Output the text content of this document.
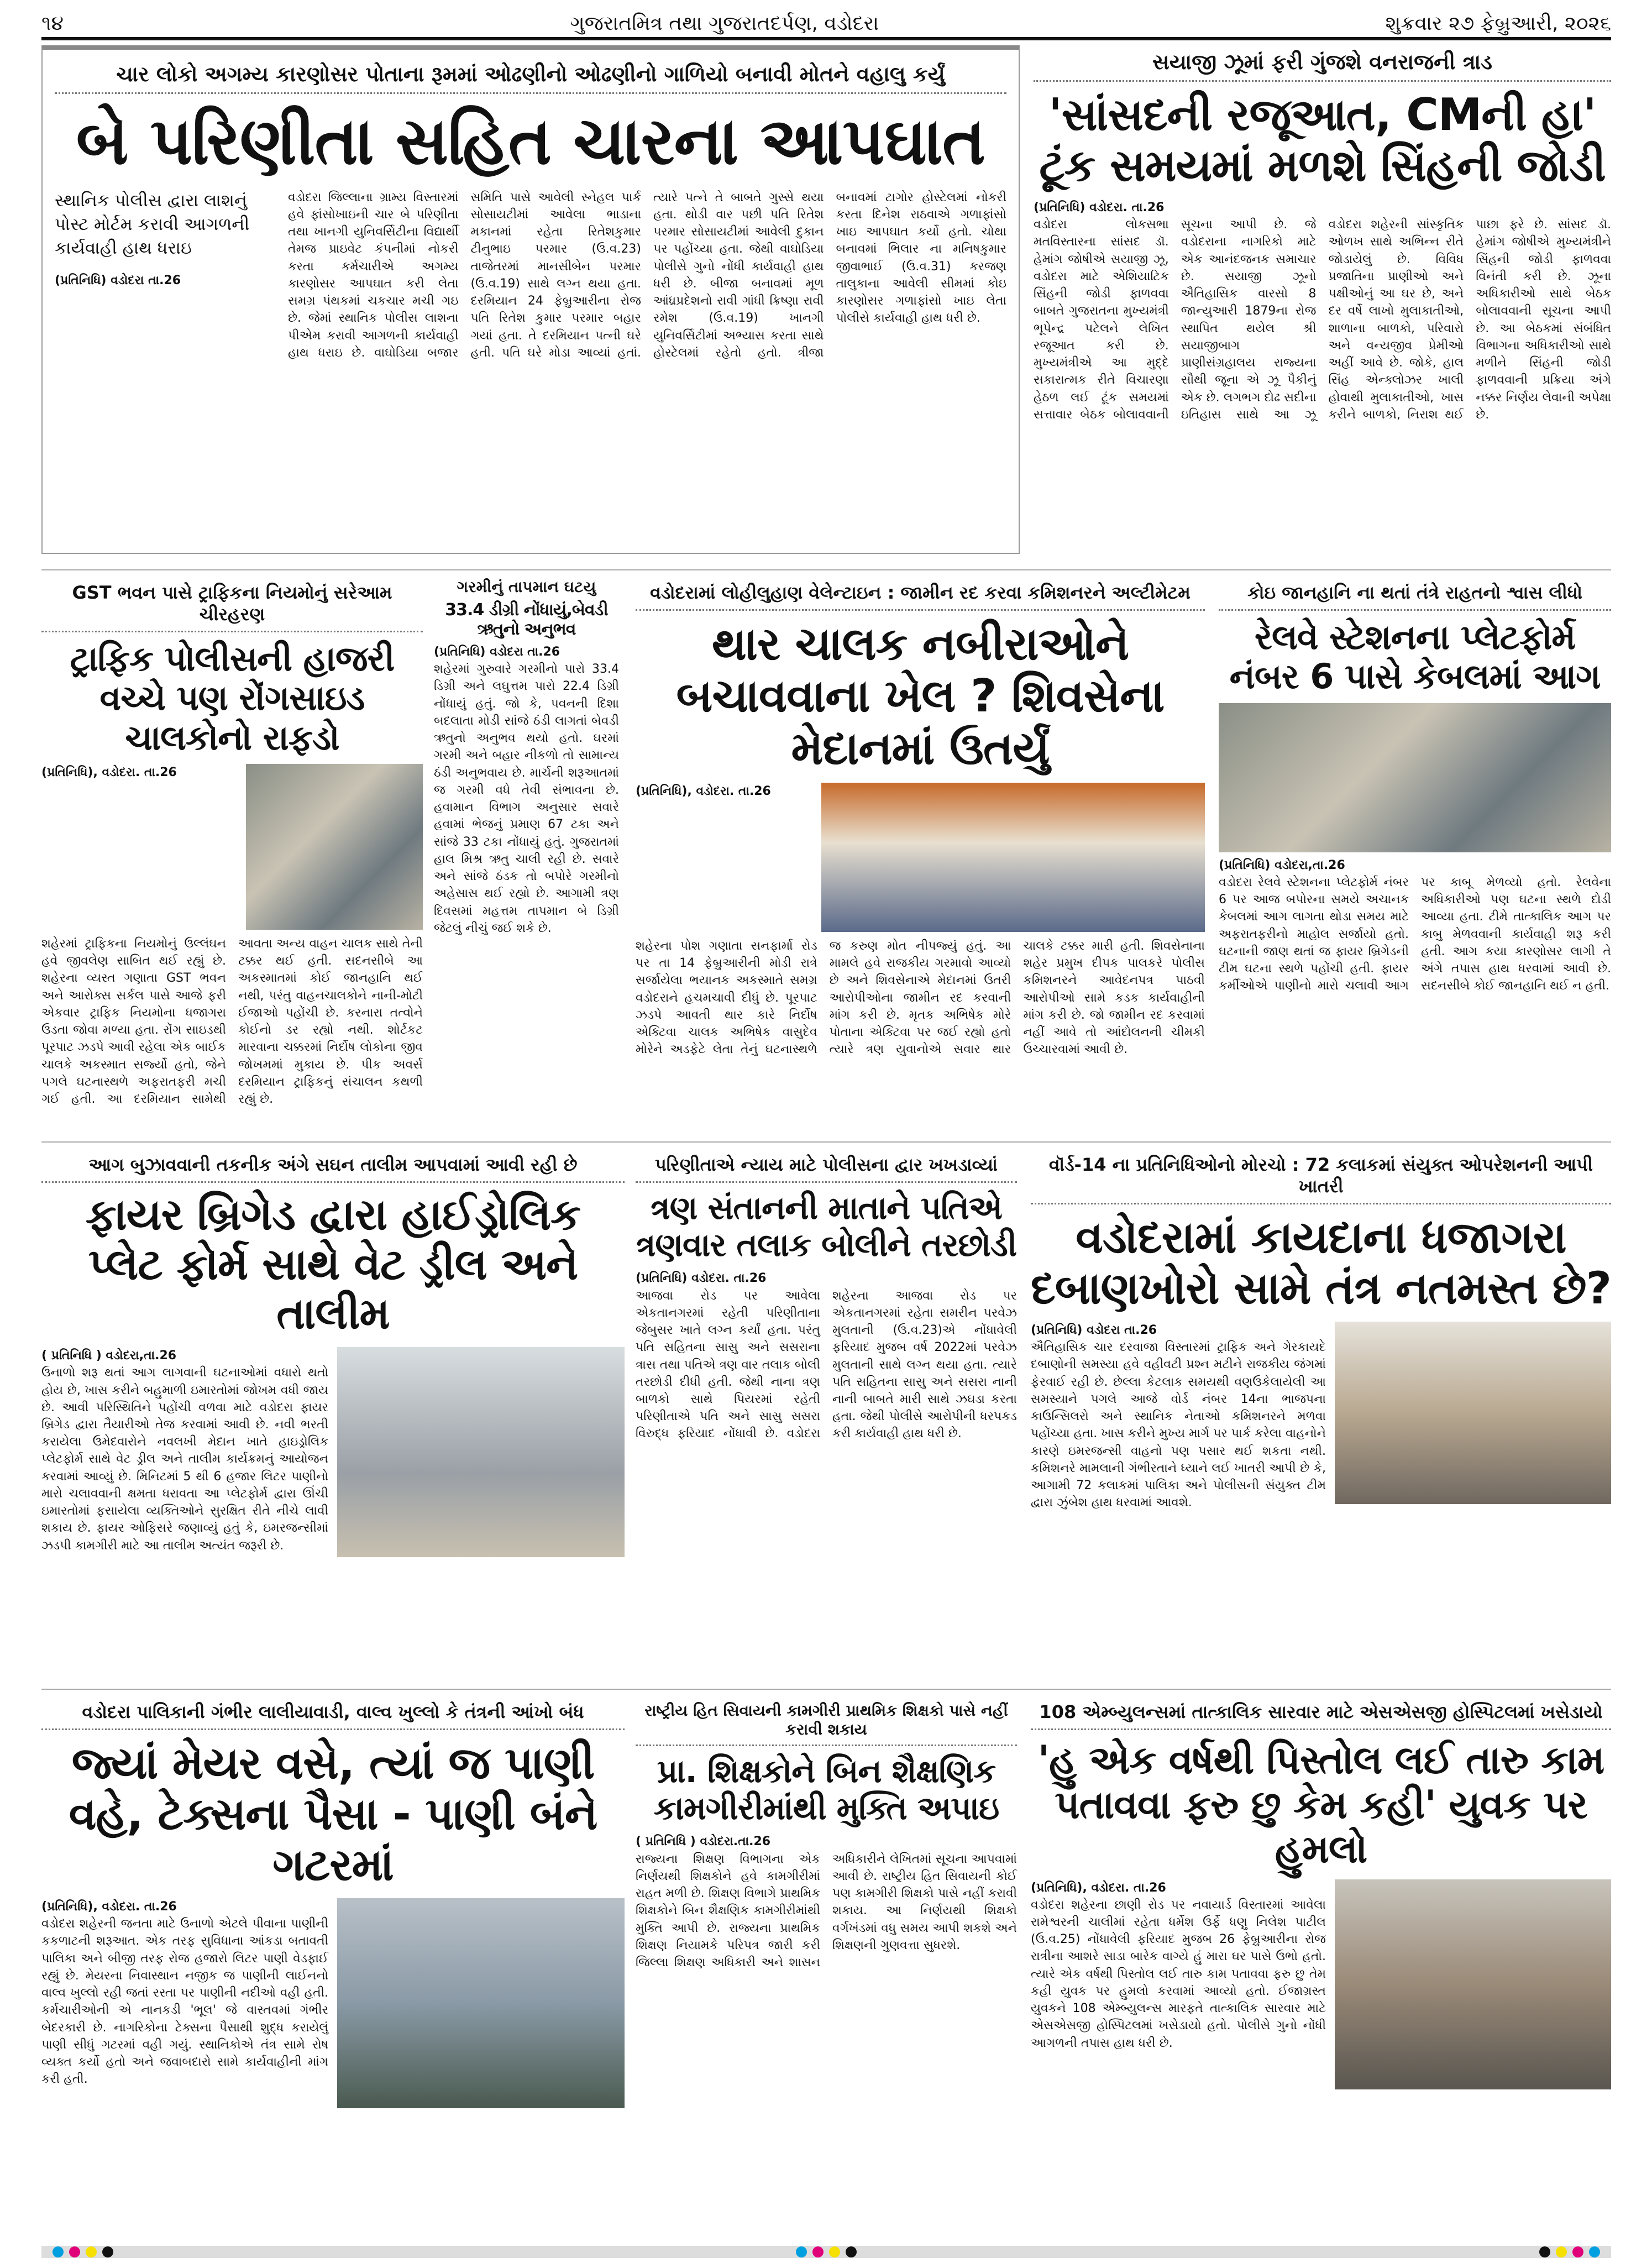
૧૪	ગુજરાતમિત્ર તથા ગુજરાતદર્પણ, વડોદરા	શુક્રવાર ૨૭ ફેબ્રુઆરી, ૨૦૨૬
ચાર લોકો અગમ્ય કારણોસર પોતાના રૂમમાં ઓઢણીનો ઓઢણીનો ગાળિયો બનાવી મોતને વહાલુ કર્યું
બે પરિણીતા સહિત ચારના આપઘાત
સ્થાનિક પોલીસ દ્વારા લાશનું પોસ્ટ મોર્ટમ કરાવી આગળની કાર્યવાહી હાથ ધરાઇ
(પ્રતિનિધિ) વડોદરા તા.26
વડોદરા જિલ્લાના ગ્રામ્ય વિસ્તારમાં હવે ફાંસોખાઇની ચાર બે પરિણીતા તથા ખાનગી યુનિવર્સિટીના વિદ્યાર્થી તેમજ પ્રાઇવેટ કંપનીમાં નોકરી કરતા કર્મચારીએ અગમ્ય કારણોસર આપઘાત કરી લેતા સમગ્ર પંથકમાં ચકચાર મચી ગઇ છે. જેમાં સ્થાનિક પોલીસ લાશના પીએમ કરાવી આગળની કાર્યવાહી હાથ ધરાઇ છે. વાઘોડિયા બજાર સમિતિ પાસે આવેલી સ્નેહલ પાર્ક સોસાયટીમાં આવેલા ભાડાના મકાનમાં રહેતા રિતેશકુમાર ટીનુભાઇ પરમાર (ઉ.વ.23) તાજેતરમાં માનસીબેન પરમાર (ઉ.વ.19) સાથે લગ્ન થયા હતા. દરમિયાન 24 ફેબ્રુઆરીના રોજ પતિ રિતેશ કુમાર પરમાર બહાર ગયાં હતા. તે દરમિયાન પત્ની ઘરે હતી. પતિ ઘરે મોડા આવ્યાં હતાં. ત્યારે પત્ને તે બાબતે ગુસ્સે થયા હતા. થોડી વાર પછી પતિ રિતેશ પરમાર સોસાયટીમાં આવેલી દુકાન પર પહોંચ્યા હતા. જેથી વાઘોડિયા પોલીસે ગુનો નોંધી કાર્યવાહી હાથ ધરી છે. બીજા બનાવમાં મૂળ આંધ્રપ્રદેશનો રાવી ગાંધી ક્રિષ્ણા રાવી રમેશ (ઉ.વ.19) ખાનગી યુનિવર્સિટીમાં અભ્યાસ કરતા સાથે હોસ્ટેલમાં રહેતો હતો. ત્રીજા બનાવમાં ટાગોર હોસ્ટેલમાં નોકરી કરતા દિનેશ રાઠવાએ ગળાફાંસો ખાઇ આપઘાત કર્યો હતો. ચોથા બનાવમાં ભિલાર ના મનિષકુમાર જીવાભાઈ (ઉ.વ.31) કરજણ તાલુકાના આવેલી સીમમાં કોઇ કારણોસર ગળાફાંસો ખાઇ લેતા પોલીસે કાર્યવાહી હાથ ધરી છે.
સયાજી ઝૂમાં ફરી ગુંજશે વનરાજની ત્રાડ
'સાંસદની રજૂઆત, CMની હા' ટૂંક સમયમાં મળશે સિંહની જોડી
(પ્રતિનિધિ) વડોદરા. તા.26
વડોદરા લોકસભા મતવિસ્તારના સાંસદ ડૉ. હેમાંગ જોષીએ સયાજી ઝૂ, વડોદરા માટે એશિયાટિક સિંહની જોડી ફાળવવા બાબતે ગુજરાતના મુખ્યમંત્રી ભૂપેન્દ્ર પટેલને લેખિત રજૂઆત કરી છે. મુખ્યમંત્રીએ આ મુદ્દે સકારાત્મક રીતે વિચારણા હેઠળ લઈ ટૂંક સમયમાં સત્તાવાર બેઠક બોલાવવાની સૂચના આપી છે. જે વડોદરાના નાગરિકો માટે એક આનંદજનક સમાચાર છે. સયાજી ઝૂનો ઐતિહાસિક વારસો 8 જાન્યુઆરી 1879ના રોજ સ્થાપિત થયેલ શ્રી સયાજીબાગ પ્રાણીસંગ્રહાલય રાજ્યના સૌથી જૂના એ ઝૂ પૈકીનું એક છે. લગભગ દોઢ સદીના ઇતિહાસ સાથે આ ઝૂ વડોદરા શહેરની સાંસ્કૃતિક ઓળખ સાથે અભિન્ન રીતે જોડાયેલું છે. વિવિધ પ્રજાતિના પ્રાણીઓ અને પક્ષીઓનું આ ઘર છે, અને દર વર્ષે લાખો મુલાકાતીઓ, શાળાના બાળકો, પરિવારો અને વન્યજીવ પ્રેમીઓ અહીં આવે છે. જોકે, હાલ સિંહ એન્ક્લોઝર ખાલી હોવાથી મુલાકાતીઓ, ખાસ કરીને બાળકો, નિરાશ થઈ પાછા ફરે છે. સાંસદ ડૉ. હેમાંગ જોષીએ મુખ્યમંત્રીને સિંહની જોડી ફાળવવા વિનંતી કરી છે. ઝૂના અધિકારીઓ સાથે બેઠક બોલાવવાની સૂચના આપી છે. આ બેઠકમાં સંબંધિત વિભાગના અધિકારીઓ સાથે મળીને સિંહની જોડી ફાળવવાની પ્રક્રિયા અંગે નક્કર નિર્ણય લેવાની અપેક્ષા છે.
GST ભવન પાસે ટ્રાફિકના નિયમોનું સરેઆમ ચીરહરણ
ટ્રાફિક પોલીસની હાજરી વચ્ચે પણ રોંગસાઇડ ચાલકોનો રાફડો
(પ્રતિનિધિ), વડોદરા. તા.26
શહેરમાં ટ્રાફિકના નિયમોનું ઉલ્લંઘન હવે જીવલેણ સાબિત થઈ રહ્યું છે. શહેરના વ્યસ્ત ગણાતા GST ભવન અને આરોક્સ સર્કલ પાસે આજે ફરી એકવાર ટ્રાફિક નિયમોના ધજાગરા ઉડતા જોવા મળ્યા હતા. રોંગ સાઇડથી પૂરપાટ ઝડપે આવી રહેલા એક બાઈક ચાલકે અકસ્માત સર્જ્યો હતો, જેને પગલે ઘટનાસ્થળે અફરાતફરી મચી ગઈ હતી. આ દરમિયાન સામેથી આવતા અન્ય વાહન ચાલક સાથે તેની ટક્કર થઈ હતી. સદનસીબે આ અકસ્માતમાં કોઈ જાનહાનિ થઈ નથી, પરંતુ વાહનચાલકોને નાની-મોટી ઈજાઓ પહોંચી છે. કરનારા તત્વોને કોઈનો ડર રહ્યો નથી. શોર્ટકટ મારવાના ચક્કરમાં નિર્દોષ લોકોના જીવ જોખમમાં મુકાય છે. પીક અવર્સ દરમિયાન ટ્રાફિકનું સંચાલન કથળી રહ્યું છે.
ગરમીનું તાપમાન ઘટયુ
33.4 ડીગ્રી નોંધાયું,બેવડી ઋતુનો અનુભવ
(પ્રતિનિધિ) વડોદરા તા.26
શહેરમાં ગુરુવારે ગરમીનો પારો 33.4 ડિગ્રી અને લઘુત્તમ પારો 22.4 ડિગ્રી નોંધાયું હતું. જો કે, પવનની દિશા બદલાતા મોડી સાંજે ઠંડી લાગતાં બેવડી ઋતુનો અનુભવ થયો હતો. ઘરમાં ગરમી અને બહાર નીકળો તો સામાન્ય ઠંડી અનુભવાય છે. માર્ચની શરૂઆતમાં જ ગરમી વધે તેવી સંભાવના છે. હવામાન વિભાગ અનુસાર સવારે હવામાં ભેજનું પ્રમાણ 67 ટકા અને સાંજે 33 ટકા નોંધાયું હતું. ગુજરાતમાં હાલ મિશ્ર ઋતુ ચાલી રહી છે. સવારે અને સાંજે ઠંડક તો બપોરે ગરમીનો અહેસાસ થઈ રહ્યો છે. આગામી ત્રણ દિવસમાં મહત્તમ તાપમાન બે ડિગ્રી જેટલું નીચું જઈ શકે છે.
વડોદરામાં લોહીલુહાણ વેલેન્ટાઇન : જામીન રદ કરવા કમિશનરને અલ્ટીમેટમ
થાર ચાલક નબીરાઓને બચાવવાના ખેલ ? શિવસેના મેદાનમાં ઉતર્યું
(પ્રતિનિધિ), વડોદરા. તા.26
શહેરના પોશ ગણાતા સનફાર્મા રોડ પર તા 14 ફેબ્રુઆરીની મોડી રાત્રે સર્જાયેલા ભયાનક અકસ્માતે સમગ્ર વડોદરાને હચમચાવી દીધું છે. પૂરપાટ ઝડપે આવતી થાર કારે નિર્દોષ એક્ટિવા ચાલક અભિષેક વાસુદેવ મોરેને અડફેટે લેતા તેનું ઘટનાસ્થળે જ કરુણ મોત નીપજ્યું હતું. આ મામલે હવે રાજકીય ગરમાવો આવ્યો છે અને શિવસેનાએ મેદાનમાં ઉતરી આરોપીઓના જામીન રદ કરવાની માંગ કરી છે. મૃતક અભિષેક મોરે પોતાના એક્ટિવા પર જઈ રહ્યો હતો ત્યારે ત્રણ યુવાનોએ સવાર થાર ચાલકે ટક્કર મારી હતી. શિવસેનાના શહેર પ્રમુખ દીપક પાલકરે પોલીસ કમિશનરને આવેદનપત્ર પાઠવી આરોપીઓ સામે કડક કાર્યવાહીની માંગ કરી છે. જો જામીન રદ કરવામાં નહીં આવે તો આંદોલનની ચીમકી ઉચ્ચારવામાં આવી છે.
કોઇ જાનહાનિ ના થતાં તંત્રે રાહતનો શ્વાસ લીધો
રેલવે સ્ટેશનના પ્લેટફોર્મ નંબર 6 પાસે કેબલમાં આગ
(પ્રતિનિધિ) વડોદરા,તા.26
વડોદરા રેલવે સ્ટેશનના પ્લેટફોર્મ નંબર 6 પર આજ બપોરના સમયે અચાનક કેબલમાં આગ લાગતા થોડા સમય માટે અફરાતફરીનો માહોલ સર્જાયો હતો. ઘટનાની જાણ થતાં જ ફાયર બ્રિગેડની ટીમ ઘટના સ્થળે પહોંચી હતી. ફાયર કર્મીઓએ પાણીનો મારો ચલાવી આગ પર કાબૂ મેળવ્યો હતો. રેલવેના અધિકારીઓ પણ ઘટના સ્થળે દોડી આવ્યા હતા. ટીમે તાત્કાલિક આગ પર કાબુ મેળવવાની કાર્યવાહી શરૂ કરી હતી. આગ કયા કારણોસર લાગી તે અંગે તપાસ હાથ ધરવામાં આવી છે. સદનસીબે કોઈ જાનહાનિ થઈ ન હતી.
આગ બુઝાવવાની તકનીક અંગે સઘન તાલીમ આપવામાં આવી રહી છે
ફાયર બ્રિગેડ દ્વારા હાઈડ્રોલિક પ્લેટ ફોર્મ સાથે વેટ ડ્રીલ અને તાલીમ
( પ્રતિનિધિ ) વડોદરા,તા.26
ઉનાળો શરૂ થતાં આગ લાગવાની ઘટનાઓમાં વધારો થતો હોય છે, ખાસ કરીને બહુમાળી ઇમારતોમાં જોખમ વધી જાય છે. આવી પરિસ્થિતિને પહોંચી વળવા માટે વડોદરા ફાયર બ્રિગેડ દ્વારા તૈયારીઓ તેજ કરવામાં આવી છે. નવી ભરતી કરાયેલા ઉમેદવારોને નવલખી મેદાન ખાતે હાઇડ્રોલિક પ્લેટફોર્મ સાથે વેટ ડ્રીલ અને તાલીમ કાર્યક્રમનું આયોજન કરવામાં આવ્યું છે. મિનિટમાં 5 થી 6 હજાર લિટર પાણીનો મારો ચલાવવાની ક્ષમતા ધરાવતા આ પ્લેટફોર્મ દ્વારા ઊંચી ઇમારતોમાં ફસાયેલા વ્યક્તિઓને સુરક્ષિત રીતે નીચે લાવી શકાય છે. ફાયર ઓફિસરે જણાવ્યું હતું કે, ઇમરજન્સીમાં ઝડપી કામગીરી માટે આ તાલીમ અત્યંત જરૂરી છે.
પરિણીતાએ ન્યાય માટે પોલીસના દ્વાર ખખડાવ્યાં
ત્રણ સંતાનની માતાને પતિએ ત્રણવાર તલાક બોલીને તરછોડી
(પ્રતિનિધિ) વડોદરા. તા.26
આજવા રોડ પર આવેલા એકતાનગરમાં રહેતી પરિણીતાના જેબુસર ખાતે લગ્ન કર્યાં હતા. પરંતુ પતિ સહિતના સાસુ અને સસરાના ત્રાસ તથા પતિએ ત્રણ વાર તલાક બોલી તરછોડી દીધી હતી. જેથી નાના ત્રણ બાળકો સાથે પિયરમાં રહેતી પરિણીતાએ પતિ અને સાસુ સસરા વિરુદ્ધ ફરિયાદ નોંધાવી છે. વડોદરા શહેરના આજવા રોડ પર એકતાનગરમાં રહેતા સમરીન પરવેઝ મુલતાની (ઉ.વ.23)એ નોંધાવેલી ફરિયાદ મુજબ વર્ષ 2022માં પરવેઝ મુલતાની સાથે લગ્ન થયા હતા. ત્યારે પતિ સહિતના સાસુ અને સસરા નાની નાની બાબતે મારી સાથે ઝઘડા કરતા હતા. જેથી પોલીસે આરોપીની ધરપકડ કરી કાર્યવાહી હાથ ધરી છે.
વૉર્ડ-14 ના પ્રતિનિધિઓનો મોરચો : 72 કલાકમાં સંયુક્ત ઓપરેશનની આપી ખાતરી
વડોદરામાં કાયદાના ધજાગરા દબાણખોરો સામે તંત્ર નતમસ્ત છે?
(પ્રતિનિધિ) વડોદરા તા.26
ઐતિહાસિક ચાર દરવાજા વિસ્તારમાં ટ્રાફિક અને ગેરકાયદે દબાણોની સમસ્યા હવે વહીવટી પ્રશ્ન મટીને રાજકીય જંગમાં ફેરવાઈ રહી છે. છેલ્લા કેટલાક સમયથી વણઉકેલાયેલી આ સમસ્યાને પગલે આજે વોર્ડ નંબર 14ના ભાજપના કાઉન્સિલરો અને સ્થાનિક નેતાઓ કમિશનરને મળવા પહોંચ્યા હતા. ખાસ કરીને મુખ્ય માર્ગ પર પાર્ક કરેલા વાહનોને કારણે ઇમરજન્સી વાહનો પણ પસાર થઈ શકતા નથી. કમિશનરે મામલાની ગંભીરતાને ધ્યાને લઈ ખાતરી આપી છે કે, આગામી 72 કલાકમાં પાલિકા અને પોલીસની સંયુક્ત ટીમ દ્વારા ઝુંબેશ હાથ ધરવામાં આવશે.
વડોદરા પાલિકાની ગંભીર લાલીયાવાડી, વાલ્વ ખુલ્લો કે તંત્રની આંખો બંધ
જ્યાં મેયર વસે, ત્યાં જ પાણી વહે, ટેક્સના પૈસા - પાણી બંને ગટરમાં
(પ્રતિનિધિ), વડોદરા. તા.26
વડોદરા શહેરની જનતા માટે ઉનાળો એટલે પીવાના પાણીની કકળાટની શરૂઆત. એક તરફ સુવિધાના આંકડા બતાવતી પાલિકા અને બીજી તરફ રોજ હજારો લિટર પાણી વેડફાઈ રહ્યું છે. મેયરના નિવાસ્થાન નજીક જ પાણીની લાઈનનો વાલ્વ ખુલ્લો રહી જતાં રસ્તા પર પાણીની નદીઓ વહી હતી. કર્મચારીઓની એ નાનકડી 'ભૂલ' જે વાસ્તવમાં ગંભીર બેદરકારી છે. નાગરિકોના ટેક્સના પૈસાથી શુદ્ધ કરાયેલું પાણી સીધું ગટરમાં વહી ગયું. સ્થાનિકોએ તંત્ર સામે રોષ વ્યક્ત કર્યો હતો અને જવાબદારો સામે કાર્યવાહીની માંગ કરી હતી.
રાષ્ટ્રીય હિત સિવાયની કામગીરી પ્રાથમિક શિક્ષકો પાસે નહીં કરાવી શકાય
પ્રા. શિક્ષકોને બિન શૈક્ષણિક કામગીરીમાંથી મુક્તિ અપાઇ
( પ્રતિનિધિ ) વડોદરા.તા.26
રાજ્યના શિક્ષણ વિભાગના એક નિર્ણયથી શિક્ષકોને હવે કામગીરીમાં રાહત મળી છે. શિક્ષણ વિભાગે પ્રાથમિક શિક્ષકોને બિન શૈક્ષણિક કામગીરીમાંથી મુક્તિ આપી છે. રાજ્યના પ્રાથમિક શિક્ષણ નિયામકે પરિપત્ર જારી કરી જિલ્લા શિક્ષણ અધિકારી અને શાસન અધિકારીને લેખિતમાં સૂચના આપવામાં આવી છે. રાષ્ટ્રીય હિત સિવાયની કોઈ પણ કામગીરી શિક્ષકો પાસે નહીં કરાવી શકાય. આ નિર્ણયથી શિક્ષકો વર્ગખંડમાં વધુ સમય આપી શકશે અને શિક્ષણની ગુણવત્તા સુધરશે.
108 એમ્બ્યુલન્સમાં તાત્કાલિક સારવાર માટે એસએસજી હોસ્પિટલમાં ખસેડાયો
'હુ એક વર્ષથી પિસ્તોલ લઈ તારુ કામ પતાવવા ફરુ છુ કેમ કહી' યુવક પર હુમલો
(પ્રતિનિધિ), વડોદરા. તા.26
વડોદરા શહેરના છાણી રોડ પર નવાયાર્ડ વિસ્તારમાં આવેલા રામેશ્વરની ચાલીમાં રહેતા ધર્મેશ ઉર્ફે ધણુ નિલેશ પાટીલ (ઉ.વ.25) નોંધાવેલી ફરિયાદ મુજબ 26 ફેબ્રુઆરીના રોજ રાત્રીના આશરે સાડા બારેક વાગ્યે હું મારા ઘર પાસે ઉભો હતો. ત્યારે એક વર્ષથી પિસ્તોલ લઈ તારુ કામ પતાવવા ફરુ છુ તેમ કહી યુવક પર હુમલો કરવામાં આવ્યો હતો. ઈજાગ્રસ્ત યુવકને 108 એમ્બ્યુલન્સ મારફતે તાત્કાલિક સારવાર માટે એસએસજી હોસ્પિટલમાં ખસેડાયો હતો. પોલીસે ગુનો નોંધી આગળની તપાસ હાથ ધરી છે.
